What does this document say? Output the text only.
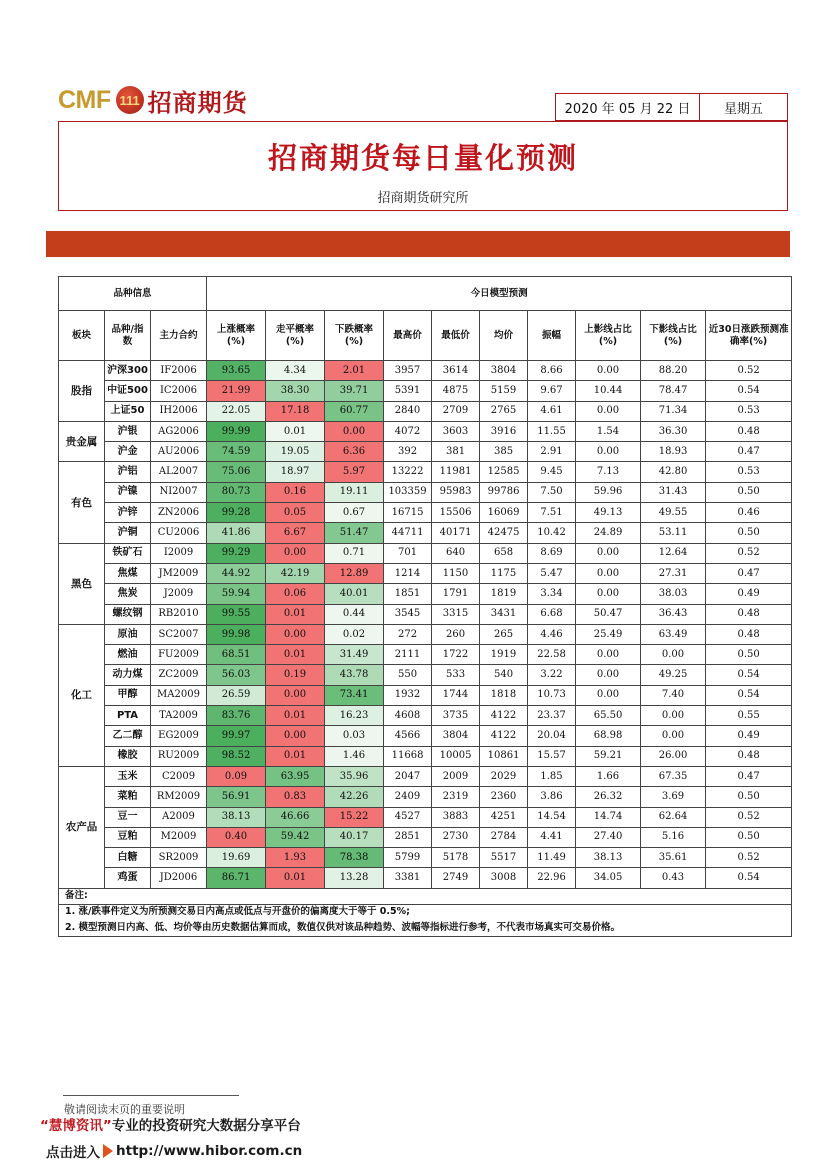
CMF 111 招商期货	2020 年 05 月 22 日	星期五
招商期货每日量化预测
招商期货研究所
品种信息			今日模型预测									
板块	品种/指数	主力合约	上涨概率(%)	走平概率(%)	下跌概率(%)	最高价	最低价	均价	振幅	上影线占比(%)	下影线占比(%)	近30日涨跌预测准确率(%)
股指	沪深300	IF2006	93.65	4.34	2.01	3957	3614	3804	8.66	0.00	88.20	0.52
	中证500	IC2006	21.99	38.30	39.71	5391	4875	5159	9.67	10.44	78.47	0.54
	上证50	IH2006	22.05	17.18	60.77	2840	2709	2765	4.61	0.00	71.34	0.53
贵金属	沪银	AG2006	99.99	0.01	0.00	4072	3603	3916	11.55	1.54	36.30	0.48
	沪金	AU2006	74.59	19.05	6.36	392	381	385	2.91	0.00	18.93	0.47
有色	沪铝	AL2007	75.06	18.97	5.97	13222	11981	12585	9.45	7.13	42.80	0.53
	沪镍	NI2007	80.73	0.16	19.11	103359	95983	99786	7.50	59.96	31.43	0.50
	沪锌	ZN2006	99.28	0.05	0.67	16715	15506	16069	7.51	49.13	49.55	0.46
	沪铜	CU2006	41.86	6.67	51.47	44711	40171	42475	10.42	24.89	53.11	0.50
黑色	铁矿石	I2009	99.29	0.00	0.71	701	640	658	8.69	0.00	12.64	0.52
	焦煤	JM2009	44.92	42.19	12.89	1214	1150	1175	5.47	0.00	27.31	0.47
	焦炭	J2009	59.94	0.06	40.01	1851	1791	1819	3.34	0.00	38.03	0.49
	螺纹钢	RB2010	99.55	0.01	0.44	3545	3315	3431	6.68	50.47	36.43	0.48
化工	原油	SC2007	99.98	0.00	0.02	272	260	265	4.46	25.49	63.49	0.48
	燃油	FU2009	68.51	0.01	31.49	2111	1722	1919	22.58	0.00	0.00	0.50
	动力煤	ZC2009	56.03	0.19	43.78	550	533	540	3.22	0.00	49.25	0.54
	甲醇	MA2009	26.59	0.00	73.41	1932	1744	1818	10.73	0.00	7.40	0.54
	PTA	TA2009	83.76	0.01	16.23	4608	3735	4122	23.37	65.50	0.00	0.55
	乙二醇	EG2009	99.97	0.00	0.03	4566	3804	4122	20.04	68.98	0.00	0.49
	橡胶	RU2009	98.52	0.01	1.46	11668	10005	10861	15.57	59.21	26.00	0.48
农产品	玉米	C2009	0.09	63.95	35.96	2047	2009	2029	1.85	1.66	67.35	0.47
	菜粕	RM2009	56.91	0.83	42.26	2409	2319	2360	3.86	26.32	3.69	0.50
	豆一	A2009	38.13	46.66	15.22	4527	3883	4251	14.54	14.74	62.64	0.52
	豆粕	M2009	0.40	59.42	40.17	2851	2730	2784	4.41	27.40	5.16	0.50
	白糖	SR2009	19.69	1.93	78.38	5799	5178	5517	11.49	38.13	35.61	0.52
	鸡蛋	JD2006	86.71	0.01	13.28	3381	2749	3008	22.96	34.05	0.43	0.54
备注:												
1. 涨/跌事件定义为所预测交易日内高点或低点与开盘价的偏离度大于等于 0.5%;												
2. 模型预测日内高、低、均价等由历史数据估算而成，数值仅供对该品种趋势、波幅等指标进行参考，不代表市场真实可交易价格。												
敬请阅读末页的重要说明
“慧博资讯”专业的投资研究大数据分享平台
点击进入 http://www.hibor.com.cn
